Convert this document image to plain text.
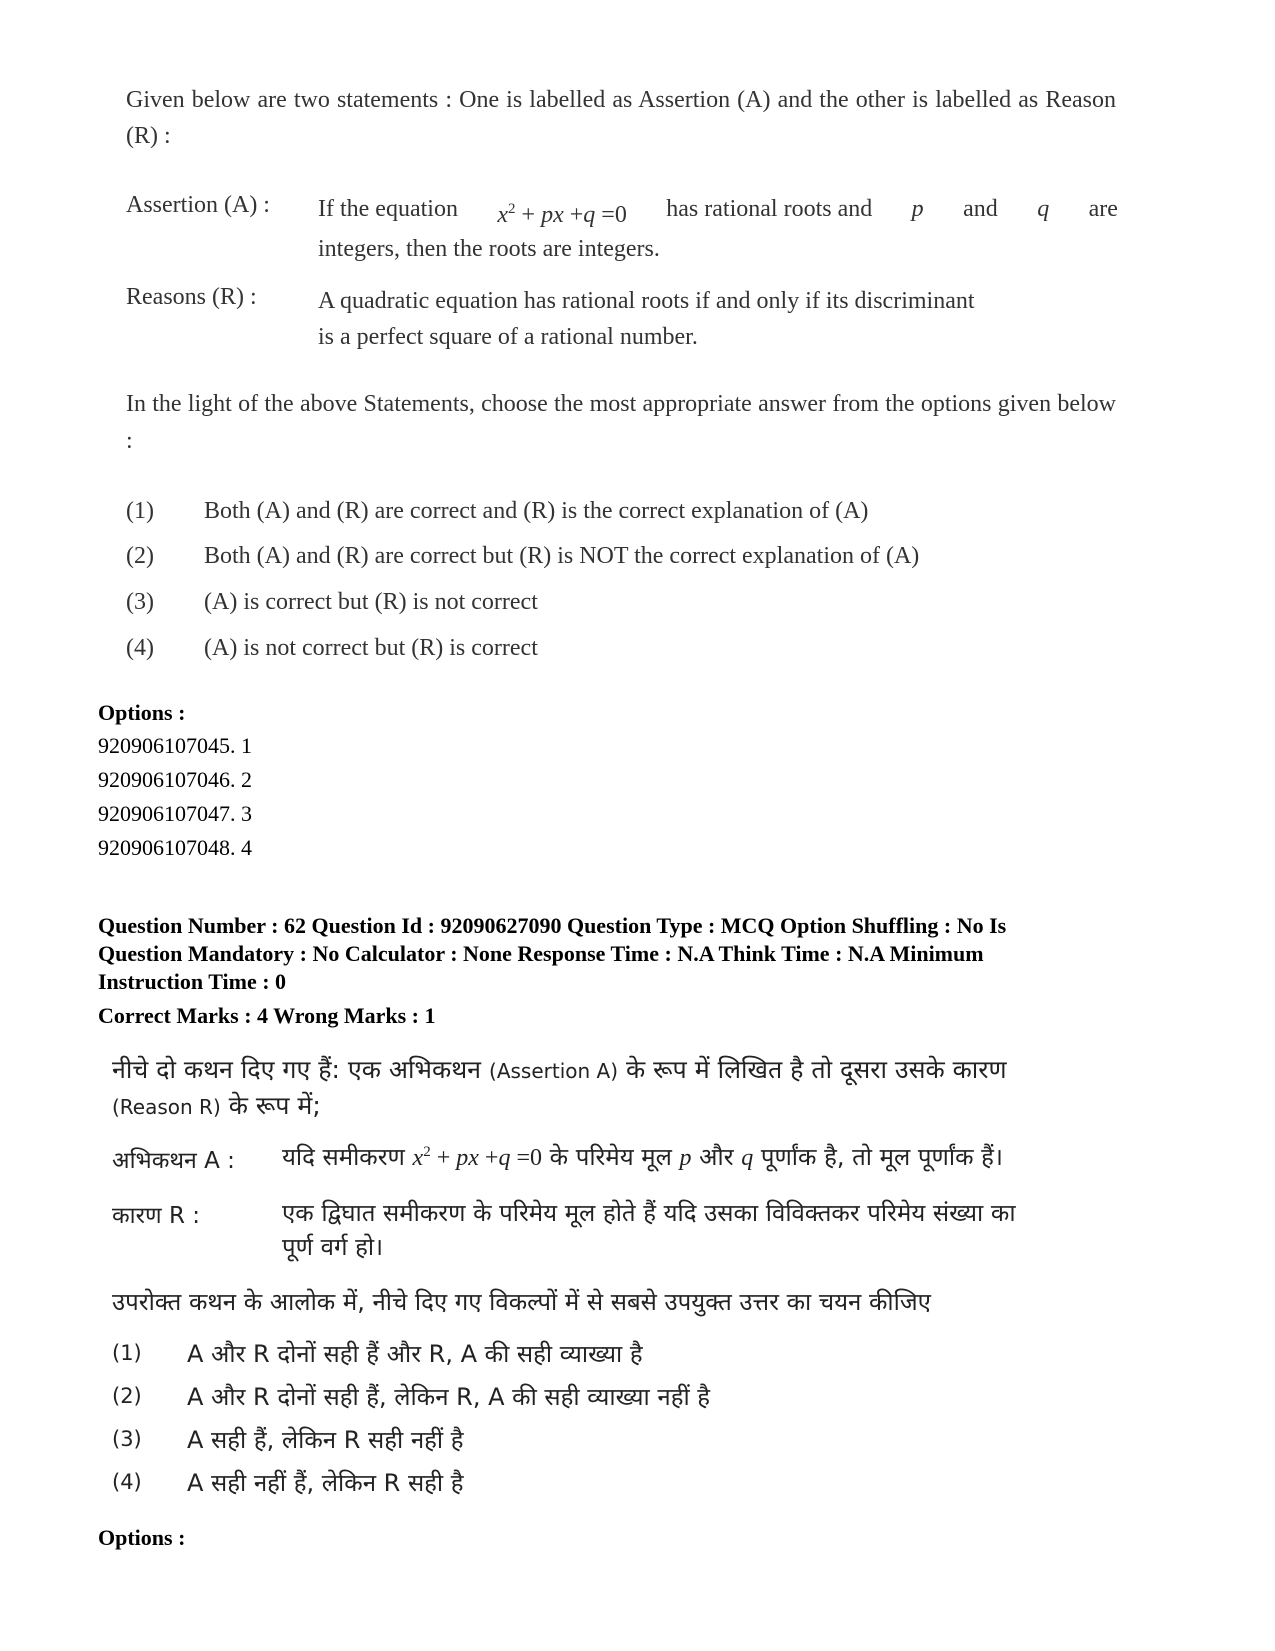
Given below are two statements : One is labelled as Assertion (A) and the other is labelled as Reason (R) :
Assertion (A) : If the equation $x^2$ + px +q =0 has rational roots and p and q are
integers, then the roots are integers.
Reasons (R) :	A quadratic equation has rational roots if and only if its discriminant
is a perfect square of a rational number.
In the light of the above Statements, choose the most appropriate answer from the options given below :
(1) Both (A) and (R) are correct and (R) is the correct explanation of (A)
(2) Both (A) and (R) are correct but (R) is NOT the correct explanation of (A)
(3) (A) is correct but (R) is not correct
(4) (A) is not correct but (R) is correct
Options :
920906107045. 1
920906107046. 2
920906107047. 3
920906107048. 4
Question Number : 62 Question Id : 92090627090 Question Type : MCQ Option Shuffling : No Is
Question Mandatory : No Calculator : None Response Time : N.A Think Time : N.A Minimum
Instruction Time : 0
Correct Marks : 4 Wrong Marks : 1
नीचे दो कथन दिए गए हैं: एक अभिकथन (Assertion A) के रूप में लिखित है तो दूसरा उसके कारण
(Reason R) के रूप में;
अभिकथन A : यदि समीकरण $x^2$ + px +q =0 के परिमेय मूल p और q पूर्णांक है, तो मूल पूर्णांक हैं।
कारण R :	एक द्विघात समीकरण के परिमेय मूल होते हैं यदि उसका विविक्तकर परिमेय संख्या का
पूर्ण वर्ग हो।
उपरोक्त कथन के आलोक में, नीचे दिए गए विकल्पों में से सबसे उपयुक्त उत्तर का चयन कीजिए
(1) A और R दोनों सही हैं और R, A की सही व्याख्या है
(2) A और R दोनों सही हैं, लेकिन R, A की सही व्याख्या नहीं है
(3) A सही हैं, लेकिन R सही नहीं है
(4) A सही नहीं हैं, लेकिन R सही है
Options :
